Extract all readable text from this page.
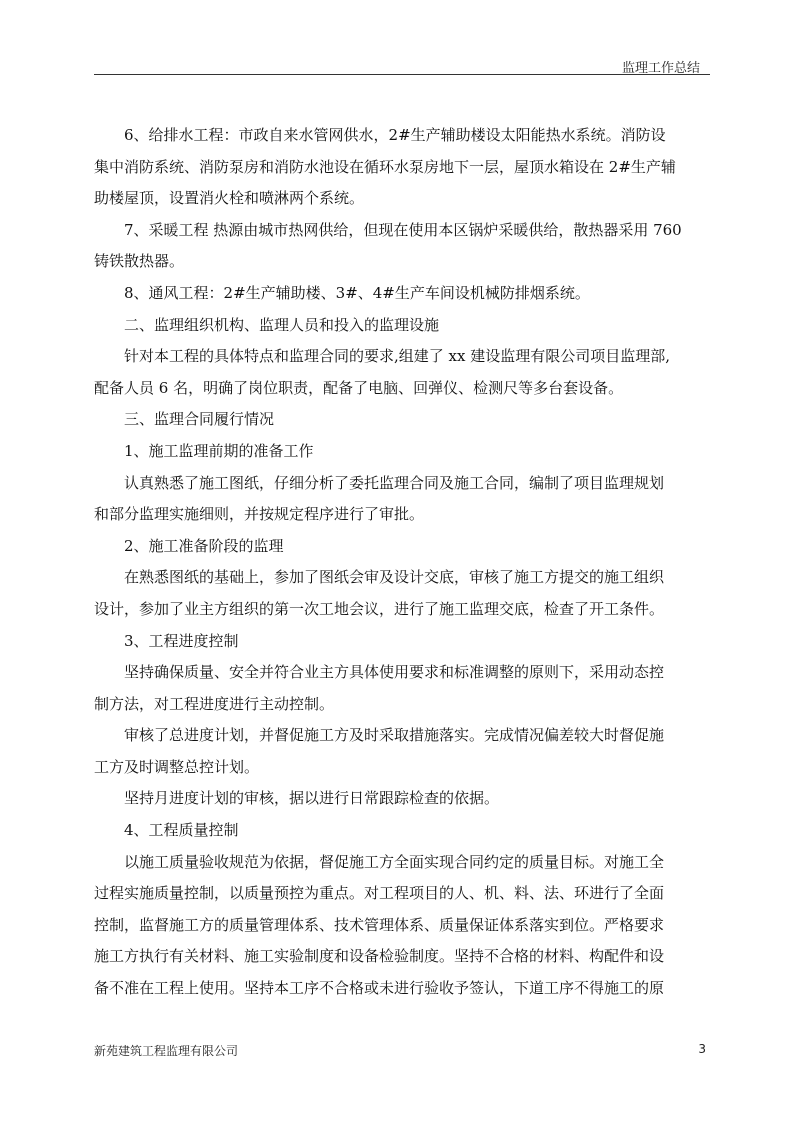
监理工作总结
6、给排水工程：市政自来水管网供水，2#生产辅助楼设太阳能热水系统。消防设
集中消防系统、消防泵房和消防水池设在循环水泵房地下一层，屋顶水箱设在 2#生产辅
助楼屋顶，设置消火栓和喷淋两个系统。
7、采暖工程 热源由城市热网供给，但现在使用本区锅炉采暖供给，散热器采用 760
铸铁散热器。
8、通风工程：2#生产辅助楼、3#、4#生产车间设机械防排烟系统。
二、监理组织机构、监理人员和投入的监理设施
针对本工程的具体特点和监理合同的要求,组建了 xx 建设监理有限公司项目监理部,
配备人员 6 名，明确了岗位职责，配备了电脑、回弹仪、检测尺等多台套设备。
三、监理合同履行情况
1、施工监理前期的准备工作
认真熟悉了施工图纸，仔细分析了委托监理合同及施工合同，编制了项目监理规划
和部分监理实施细则，并按规定程序进行了审批。
2、施工准备阶段的监理
在熟悉图纸的基础上，参加了图纸会审及设计交底，审核了施工方提交的施工组织
设计，参加了业主方组织的第一次工地会议，进行了施工监理交底，检查了开工条件。
3、工程进度控制
坚持确保质量、安全并符合业主方具体使用要求和标准调整的原则下，采用动态控
制方法，对工程进度进行主动控制。
审核了总进度计划，并督促施工方及时采取措施落实。完成情况偏差较大时督促施
工方及时调整总控计划。
坚持月进度计划的审核，据以进行日常跟踪检查的依据。
4、工程质量控制
以施工质量验收规范为依据，督促施工方全面实现合同约定的质量目标。对施工全
过程实施质量控制，以质量预控为重点。对工程项目的人、机、料、法、环进行了全面
控制，监督施工方的质量管理体系、技术管理体系、质量保证体系落实到位。严格要求
施工方执行有关材料、施工实验制度和设备检验制度。坚持不合格的材料、构配件和设
备不准在工程上使用。坚持本工序不合格或未进行验收予签认，下道工序不得施工的原
新苑建筑工程监理有限公司	3
